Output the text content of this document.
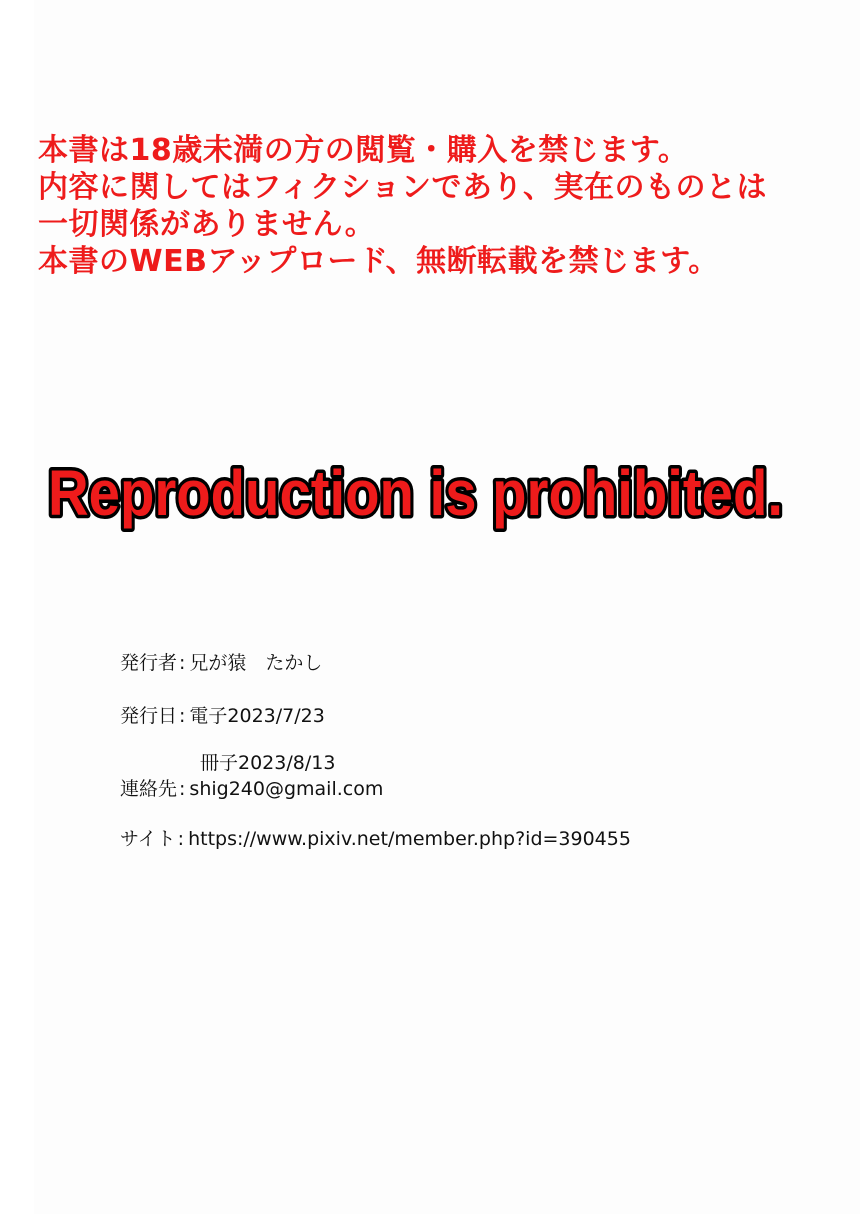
本書は18歳未満の方の閲覧・購入を禁じます。
内容に関してはフィクションであり、実在のものとは
一切関係がありません。
本書のWEBアップロード、無断転載を禁じます。
Reproduction is prohibited.
発行者 : 兄が猿　たかし
発行日 : 電子2023/7/23
冊子2023/8/13
連絡先 : shig240@gmail.com
サイト : https://www.pixiv.net/member.php?id=390455
